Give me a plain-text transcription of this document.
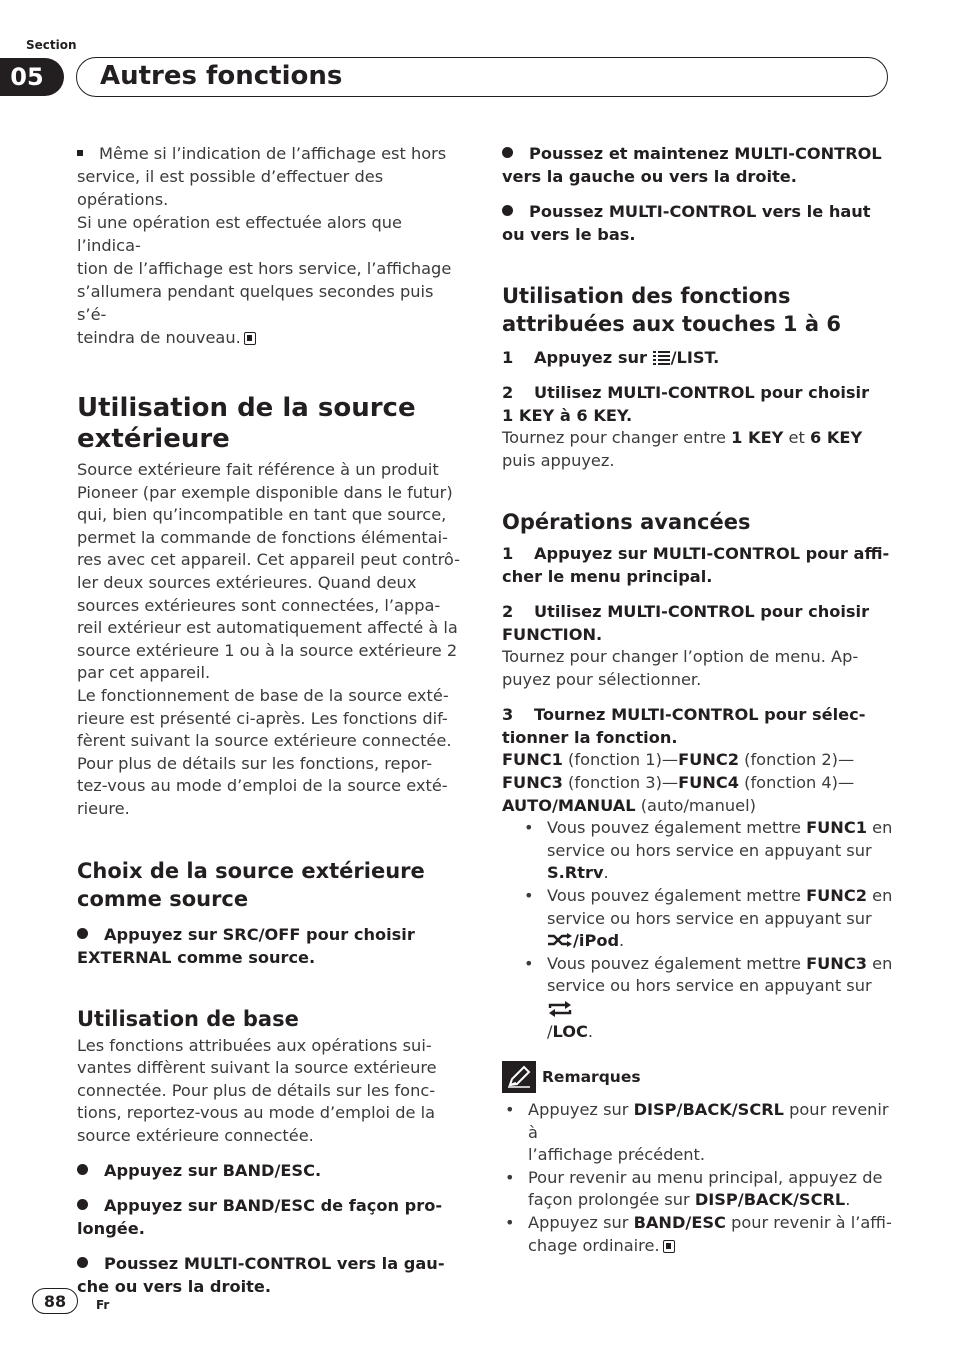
Section
05	Autres fonctions
Même si l’indication de l’affichage est hors
service, il est possible d’effectuer des opérations.
Si une opération est effectuée alors que l’indica-
tion de l’affichage est hors service, l’affichage
s’allumera pendant quelques secondes puis s’é-
teindra de nouveau.
Utilisation de la source
extérieure
Source extérieure fait référence à un produit
Pioneer (par exemple disponible dans le futur)
qui, bien qu’incompatible en tant que source,
permet la commande de fonctions élémentai-
res avec cet appareil. Cet appareil peut contrô-
ler deux sources extérieures. Quand deux
sources extérieures sont connectées, l’appa-
reil extérieur est automatiquement affecté à la
source extérieure 1 ou à la source extérieure 2
par cet appareil.
Le fonctionnement de base de la source exté-
rieure est présenté ci-après. Les fonctions dif-
fèrent suivant la source extérieure connectée.
Pour plus de détails sur les fonctions, repor-
tez-vous au mode d’emploi de la source exté-
rieure.
Choix de la source extérieure
comme source
Appuyez sur SRC/OFF pour choisir
EXTERNAL comme source.
Utilisation de base
Les fonctions attribuées aux opérations sui-
vantes diffèrent suivant la source extérieure
connectée. Pour plus de détails sur les fonc-
tions, reportez-vous au mode d’emploi de la
source extérieure connectée.
Appuyez sur BAND/ESC.
Appuyez sur BAND/ESC de façon pro-
longée.
Poussez MULTI-CONTROL vers la gau-
che ou vers la droite.
Poussez et maintenez MULTI-CONTROL
vers la gauche ou vers la droite.
Poussez MULTI-CONTROL vers le haut
ou vers le bas.
Utilisation des fonctions
attribuées aux touches 1 à 6
1 Appuyez sur /LIST.
2 Utilisez MULTI-CONTROL pour choisir
1 KEY à 6 KEY.
Tournez pour changer entre 1 KEY et 6 KEY
puis appuyez.
Opérations avancées
1 Appuyez sur MULTI-CONTROL pour affi-
cher le menu principal.
2 Utilisez MULTI-CONTROL pour choisir
FUNCTION.
Tournez pour changer l’option de menu. Ap-
puyez pour sélectionner.
3 Tournez MULTI-CONTROL pour sélec-
tionner la fonction.
FUNC1 (fonction 1)—FUNC2 (fonction 2)—
FUNC3 (fonction 3)—FUNC4 (fonction 4)—
AUTO/MANUAL (auto/manuel)
• Vous pouvez également mettre FUNC1 en
service ou hors service en appuyant sur
S.Rtrv.
• Vous pouvez également mettre FUNC2 en
service ou hors service en appuyant sur
/iPod.
• Vous pouvez également mettre FUNC3 en
service ou hors service en appuyant sur
/LOC.
Remarques
• Appuyez sur DISP/BACK/SCRL pour revenir à
l’affichage précédent.
• Pour revenir au menu principal, appuyez de
façon prolongée sur DISP/BACK/SCRL.
• Appuyez sur BAND/ESC pour revenir à l’affi-
chage ordinaire.
88	Fr
